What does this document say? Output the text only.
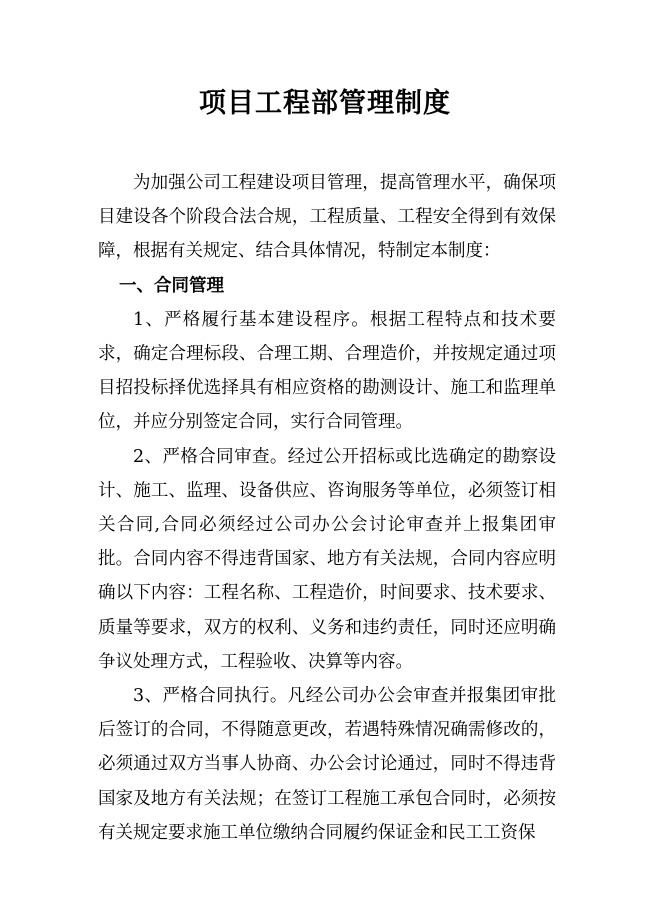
项目工程部管理制度

为加强公司工程建设项目管理，提高管理水平，确保项目建设各个阶段合法合规，工程质量、工程安全得到有效保障，根据有关规定、结合具体情况，特制定本制度：

一、合同管理

1、严格履行基本建设程序。根据工程特点和技术要求，确定合理标段、合理工期、合理造价，并按规定通过项目招投标择优选择具有相应资格的勘测设计、施工和监理单位，并应分别签定合同，实行合同管理。

2、严格合同审查。经过公开招标或比选确定的勘察设计、施工、监理、设备供应、咨询服务等单位，必须签订相关合同,合同必须经过公司办公会讨论审查并上报集团审批。合同内容不得违背国家、地方有关法规，合同内容应明确以下内容：工程名称、工程造价，时间要求、技术要求、质量等要求，双方的权利、义务和违约责任，同时还应明确争议处理方式，工程验收、决算等内容。

3、严格合同执行。凡经公司办公会审查并报集团审批后签订的合同，不得随意更改，若遇特殊情况确需修改的，必须通过双方当事人协商、办公会讨论通过，同时不得违背国家及地方有关法规；在签订工程施工承包合同时，必须按有关规定要求施工单位缴纳合同履约保证金和民工工资保
